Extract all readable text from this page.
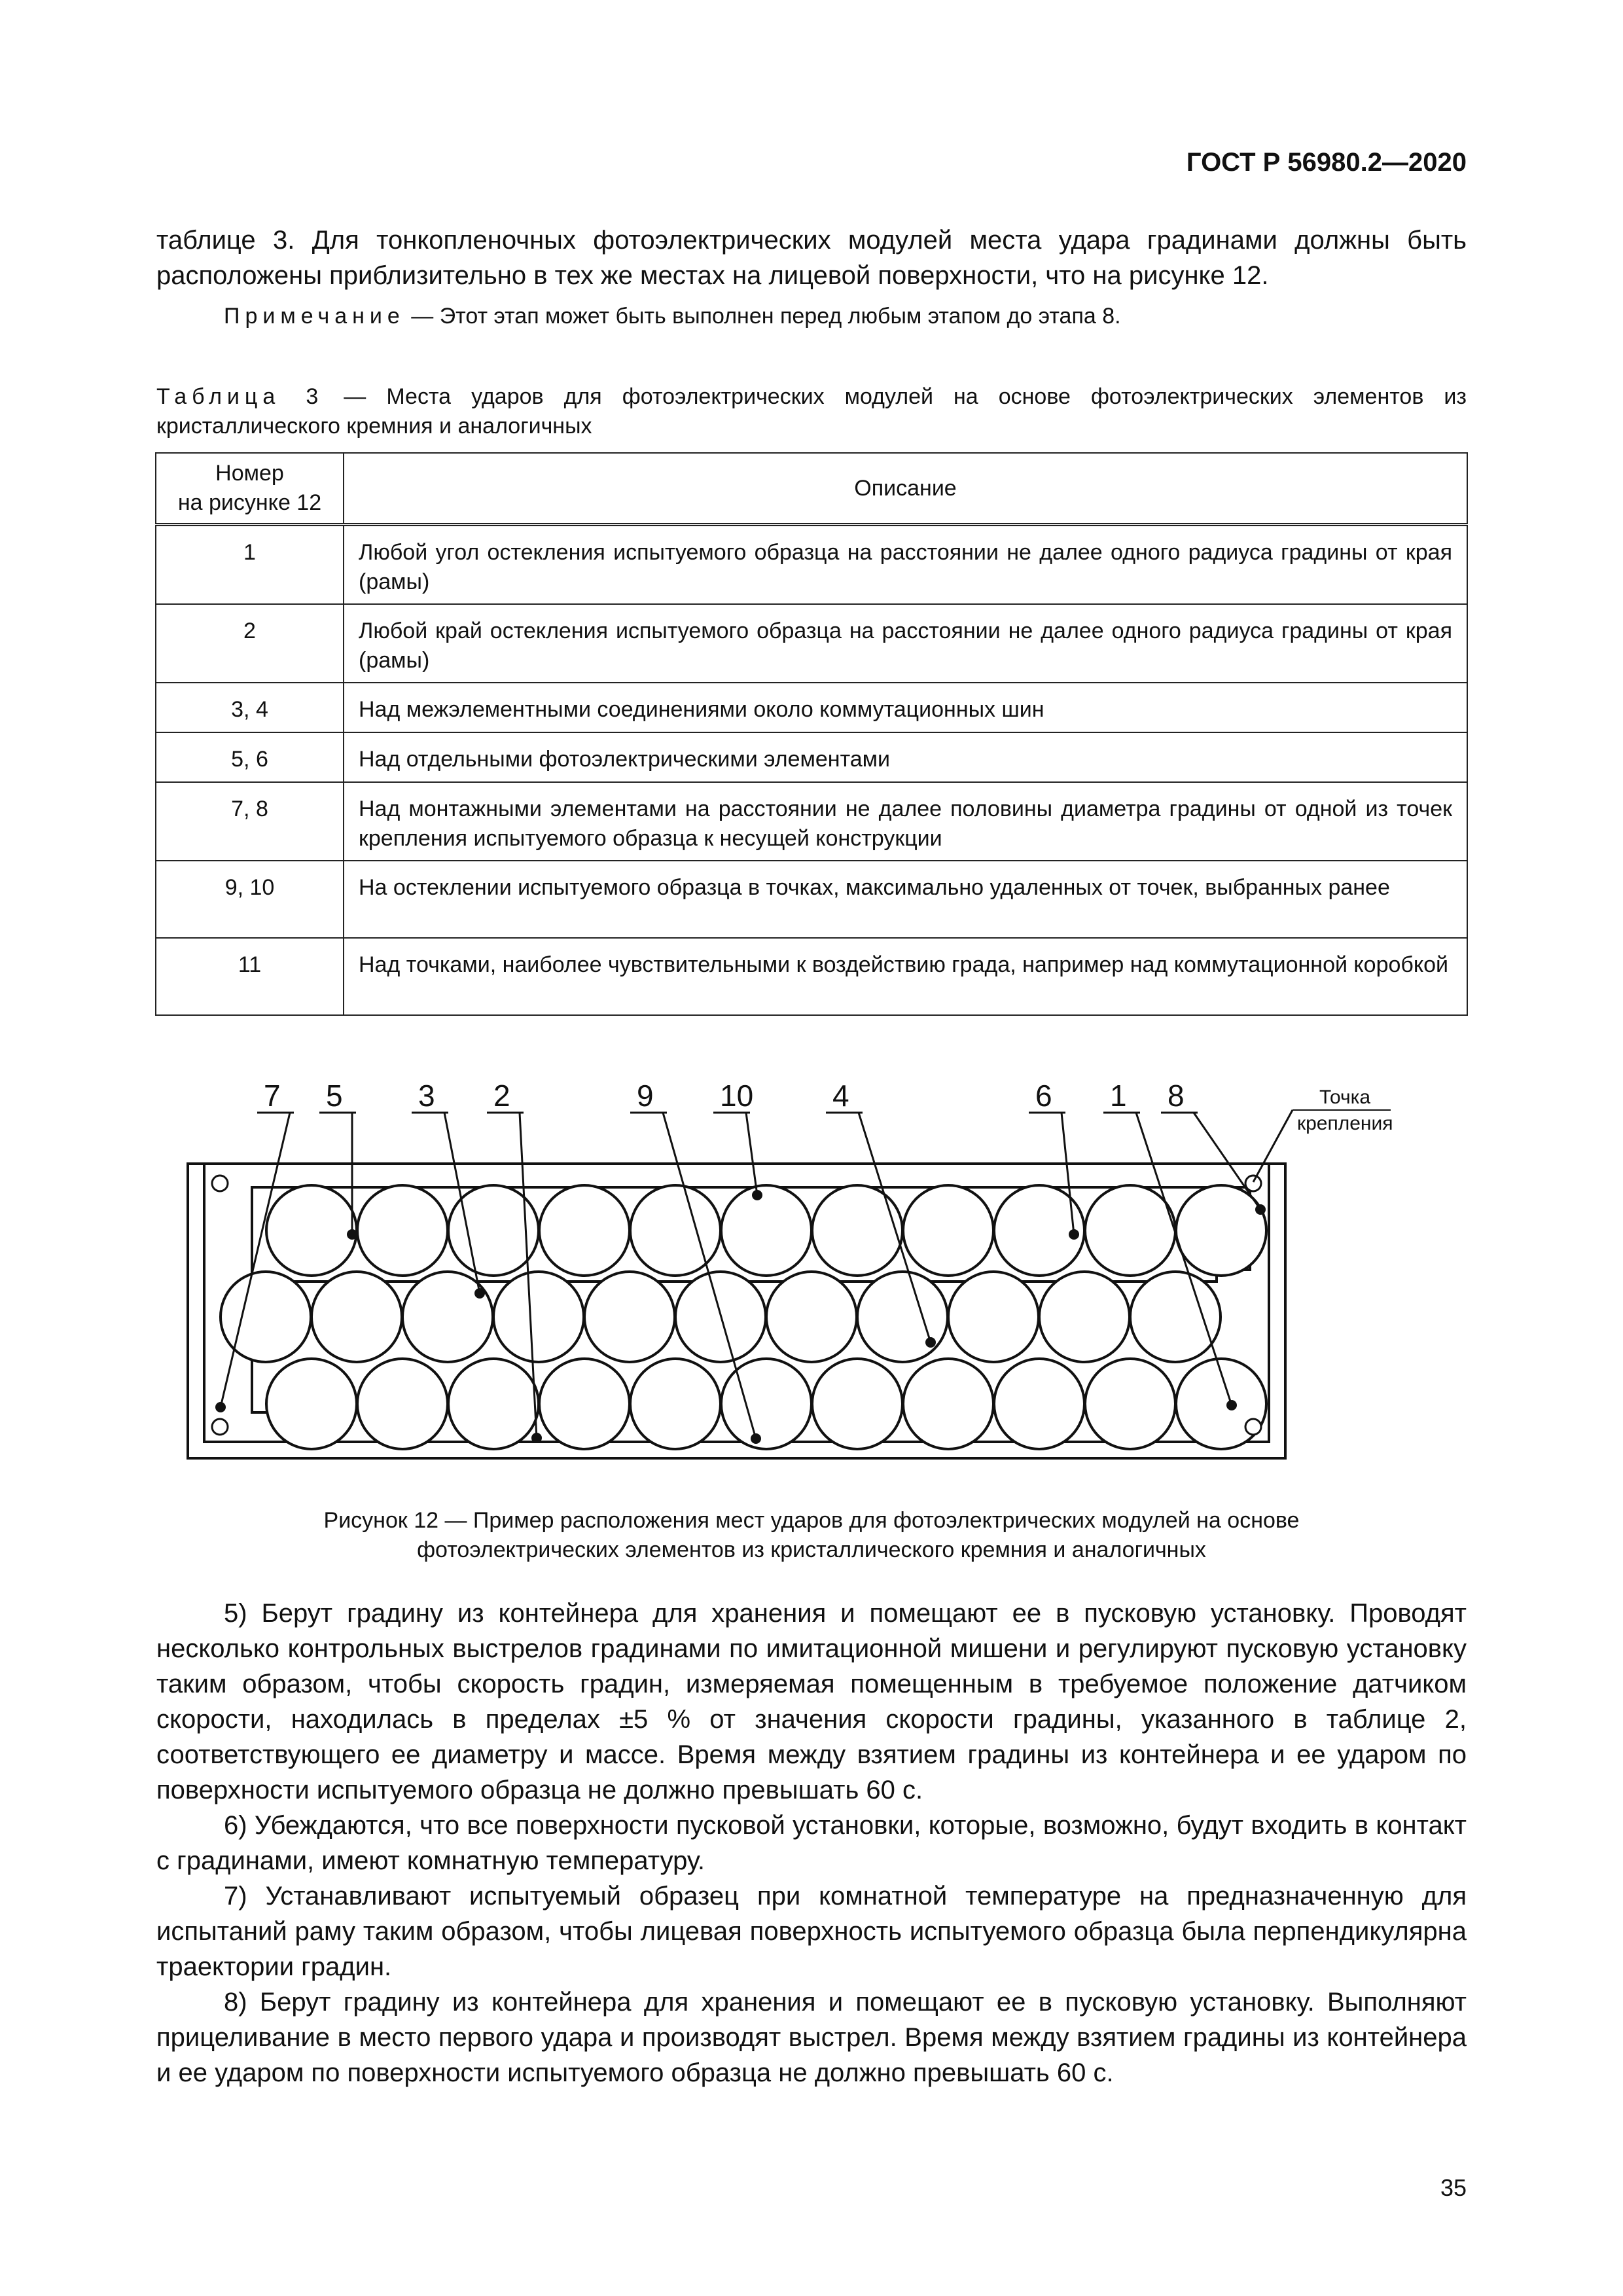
ГОСТ Р 56980.2—2020
таблице 3. Для тонкопленочных фотоэлектрических модулей места удара градинами должны быть расположены приблизительно в тех же местах на лицевой поверхности, что на рисунке 12.
Примечание — Этот этап может быть выполнен перед любым этапом до этапа 8.
Таблица 3 — Места ударов для фотоэлектрических модулей на основе фотоэлектрических элементов из кристаллического кремния и аналогичных
Номер
на рисунке 12	Описание
1	Любой угол остекления испытуемого образца на расстоянии не далее одного радиуса градины от края (рамы)
2	Любой край остекления испытуемого образца на расстоянии не далее одного радиуса градины от края (рамы)
3, 4	Над межэлементными соединениями около коммутационных шин
5, 6	Над отдельными фотоэлектрическими элементами
7, 8	Над монтажными элементами на расстоянии не далее половины диаметра градины от одной из точек крепления испытуемого образца к несущей конструкции
9, 10	На остеклении испытуемого образца в точках, максимально удаленных от точек, выбранных ранее
11	Над точками, наиболее чувствительными к воздействию града, например над коммутационной коробкой
7 5	3 2	9 10	4	6 1 8	Точка
крепления
Рисунок 12 — Пример расположения мест ударов для фотоэлектрических модулей на основе
фотоэлектрических элементов из кристаллического кремния и аналогичных

5) Берут градину из контейнера для хранения и помещают ее в пусковую установку. Проводят несколько контрольных выстрелов градинами по имитационной мишени и регулируют пусковую установку таким образом, чтобы скорость градин, измеряемая помещенным в требуемое положение датчиком скорости, находилась в пределах ±5 % от значения скорости градины, указанного в таблице 2, соответствующего ее диаметру и массе. Время между взятием градины из контейнера и ее ударом по поверхности испытуемого образца не должно превышать 60 с.

6) Убеждаются, что все поверхности пусковой установки, которые, возможно, будут входить в контакт с градинами, имеют комнатную температуру.

7) Устанавливают испытуемый образец при комнатной температуре на предназначенную для испытаний раму таким образом, чтобы лицевая поверхность испытуемого образца была перпендикулярна траектории градин.

8) Берут градину из контейнера для хранения и помещают ее в пусковую установку. Выполняют прицеливание в место первого удара и производят выстрел. Время между взятием градины из контейнера и ее ударом по поверхности испытуемого образца не должно превышать 60 с.

35
